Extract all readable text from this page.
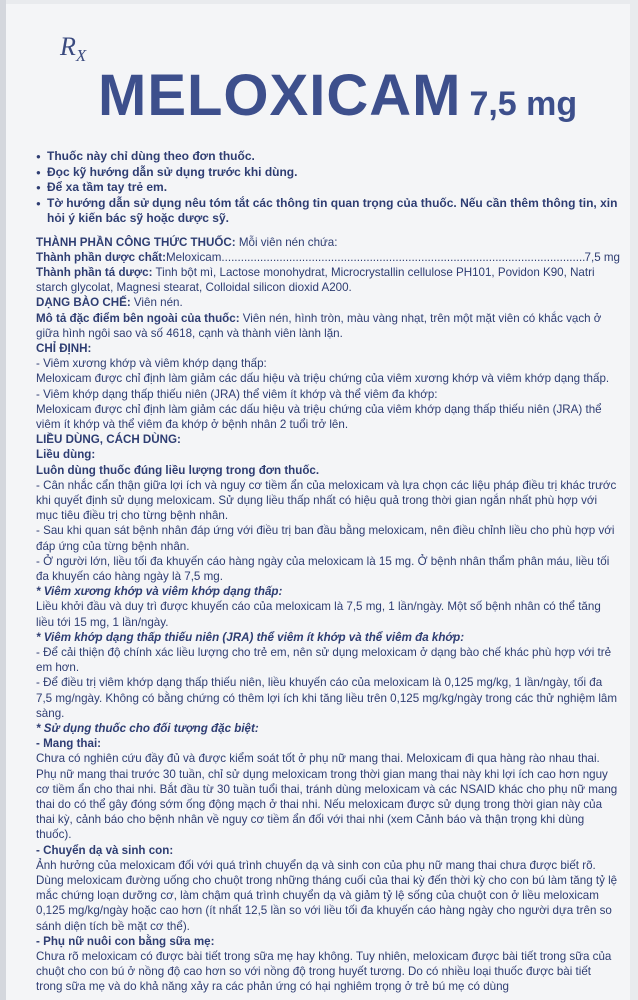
$R_X$
MELOXICAM 7,5 mg
● Thuốc này chỉ dùng theo đơn thuốc.
● Đọc kỹ hướng dẫn sử dụng trước khi dùng.
● Để xa tầm tay trẻ em.
● Tờ hướng dẫn sử dụng nêu tóm tắt các thông tin quan trọng của thuốc. Nếu cần thêm thông tin, xin hỏi ý kiến bác sỹ hoặc dược sỹ.

THÀNH PHẦN CÔNG THỨC THUỐC: Mỗi viên nén chứa:

Thành phần dược chất: Meloxicam
.....	7,5 mg

Thành phần tá dược: Tinh bột mì, Lactose monohydrat, Microcrystallin cellulose PH101, Povidon K90, Natri starch glycolat, Magnesi stearat, Colloidal silicon dioxid A200.

DẠNG BÀO CHẾ: Viên nén.

Mô tả đặc điểm bên ngoài của thuốc: Viên nén, hình tròn, màu vàng nhạt, trên một mặt viên có khắc vạch ở giữa hình ngôi sao và số 4618, cạnh và thành viên lành lặn.

CHỈ ĐỊNH:

- Viêm xương khớp và viêm khớp dạng thấp:

Meloxicam được chỉ định làm giảm các dấu hiệu và triệu chứng của viêm xương khớp và viêm khớp dạng thấp.

- Viêm khớp dạng thấp thiếu niên (JRA) thể viêm ít khớp và thể viêm đa khớp:

Meloxicam được chỉ định làm giảm các dấu hiệu và triệu chứng của viêm khớp dạng thấp thiếu niên (JRA) thể viêm ít khớp và thể viêm đa khớp ở bệnh nhân 2 tuổi trở lên.

LIỀU DÙNG, CÁCH DÙNG:

Liều dùng:

Luôn dùng thuốc đúng liều lượng trong đơn thuốc.

- Cân nhắc cẩn thận giữa lợi ích và nguy cơ tiềm ẩn của meloxicam và lựa chọn các liệu pháp điều trị khác trước khi quyết định sử dụng meloxicam. Sử dụng liều thấp nhất có hiệu quả trong thời gian ngắn nhất phù hợp với mục tiêu điều trị cho từng bệnh nhân.

- Sau khi quan sát bệnh nhân đáp ứng với điều trị ban đầu bằng meloxicam, nên điều chỉnh liều cho phù hợp với đáp ứng của từng bệnh nhân.

- Ở người lớn, liều tối đa khuyến cáo hàng ngày của meloxicam là 15 mg. Ở bệnh nhân thẩm phân máu, liều tối đa khuyến cáo hàng ngày là 7,5 mg.

* Viêm xương khớp và viêm khớp dạng thấp:

Liều khởi đầu và duy trì được khuyến cáo của meloxicam là 7,5 mg, 1 lần/ngày. Một số bệnh nhân có thể tăng liều tới 15 mg, 1 lần/ngày.

* Viêm khớp dạng thấp thiếu niên (JRA) thể viêm ít khớp và thể viêm đa khớp:

- Để cải thiện độ chính xác liều lượng cho trẻ em, nên sử dụng meloxicam ở dạng bào chế khác phù hợp với trẻ em hơn.

- Để điều trị viêm khớp dạng thấp thiếu niên, liều khuyến cáo của meloxicam là 0,125 mg/kg, 1 lần/ngày, tối đa 7,5 mg/ngày. Không có bằng chứng có thêm lợi ích khi tăng liều trên 0,125 mg/kg/ngày trong các thử nghiệm lâm sàng.

* Sử dụng thuốc cho đối tượng đặc biệt:

- Mang thai:

Chưa có nghiên cứu đầy đủ và được kiểm soát tốt ở phụ nữ mang thai. Meloxicam đi qua hàng rào nhau thai. Phụ nữ mang thai trước 30 tuần, chỉ sử dụng meloxicam trong thời gian mang thai này khi lợi ích cao hơn nguy cơ tiềm ẩn cho thai nhi. Bắt đầu từ 30 tuần tuổi thai, tránh dùng meloxicam và các NSAID khác cho phụ nữ mang thai do có thể gây đóng sớm ống động mạch ở thai nhi. Nếu meloxicam được sử dụng trong thời gian này của thai kỳ, cảnh báo cho bệnh nhân về nguy cơ tiềm ẩn đối với thai nhi (xem Cảnh báo và thận trọng khi dùng thuốc).

- Chuyển dạ và sinh con:

Ảnh hưởng của meloxicam đối với quá trình chuyển dạ và sinh con của phụ nữ mang thai chưa được biết rõ. Dùng meloxicam đường uống cho chuột trong những tháng cuối của thai kỳ đến thời kỳ cho con bú làm tăng tỷ lệ mắc chứng loạn dưỡng cơ, làm chậm quá trình chuyển dạ và giảm tỷ lệ sống của chuột con ở liều meloxicam 0,125 mg/kg/ngày hoặc cao hơn (ít nhất 12,5 lần so với liều tối đa khuyến cáo hàng ngày cho người dựa trên so sánh diện tích bề mặt cơ thể).

- Phụ nữ nuôi con bằng sữa mẹ:

Chưa rõ meloxicam có được bài tiết trong sữa mẹ hay không. Tuy nhiên, meloxicam được bài tiết trong sữa của chuột cho con bú ở nồng độ cao hơn so với nồng độ trong huyết tương. Do có nhiều loại thuốc được bài tiết trong sữa mẹ và do khả năng xảy ra các phản ứng có hại nghiêm trọng ở trẻ bú mẹ có dùng
